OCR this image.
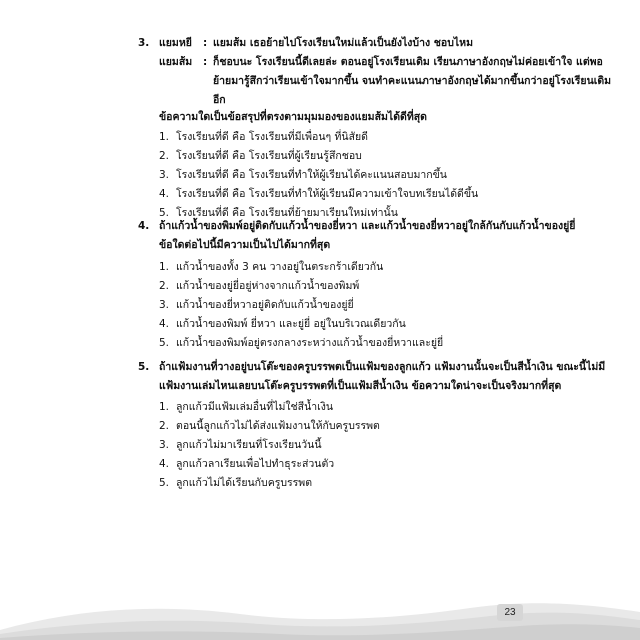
3. แยมหยี	: แยมส้ม เธอย้ายไปโรงเรียนใหม่แล้วเป็นยังไงบ้าง ชอบไหม
แยมส้ม	: ก็ชอบนะ โรงเรียนนี้ดีเลยล่ะ ตอนอยู่โรงเรียนเดิม เรียนภาษาอังกฤษไม่ค่อยเข้าใจ แต่พอ
ย้ายมารู้สึกว่าเรียนเข้าใจมากขึ้น จนทำคะแนนภาษาอังกฤษได้มากขึ้นกว่าอยู่โรงเรียนเดิม
อีก
ข้อความใดเป็นข้อสรุปที่ตรงตามมุมมองของแยมส้มได้ดีที่สุด
1. โรงเรียนที่ดี คือ โรงเรียนที่มีเพื่อนๆ ที่นิสัยดี
2. โรงเรียนที่ดี คือ โรงเรียนที่ผู้เรียนรู้สึกชอบ
3. โรงเรียนที่ดี คือ โรงเรียนที่ทำให้ผู้เรียนได้คะแนนสอบมากขึ้น
4. โรงเรียนที่ดี คือ โรงเรียนที่ทำให้ผู้เรียนมีความเข้าใจบทเรียนได้ดีขึ้น
5. โรงเรียนที่ดี คือ โรงเรียนที่ย้ายมาเรียนใหม่เท่านั้น
4. ถ้าแก้วน้ำของพิมพ์อยู่ติดกับแก้วน้ำของยี่หวา และแก้วน้ำของยี่หวาอยู่ใกล้กันกับแก้วน้ำของยู่ยี่
ข้อใดต่อไปนี้มีความเป็นไปได้มากที่สุด
1. แก้วน้ำของทั้ง 3 คน วางอยู่ในตระกร้าเดียวกัน
2. แก้วน้ำของยู่ยี่อยู่ห่างจากแก้วน้ำของพิมพ์
3. แก้วน้ำของยี่หวาอยู่ติดกับแก้วน้ำของยู่ยี่
4. แก้วน้ำของพิมพ์ ยี่หวา และยู่ยี่ อยู่ในบริเวณเดียวกัน
5. แก้วน้ำของพิมพ์อยู่ตรงกลางระหว่างแก้วน้ำของยี่หวาและยู่ยี่
5. ถ้าแฟ้มงานที่วางอยู่บนโต๊ะของครูบรรพตเป็นแฟ้มของลูกแก้ว แฟ้มงานนั้นจะเป็นสีน้ำเงิน ขณะนี้ไม่มี
แฟ้มงานเล่มไหนเลยบนโต๊ะครูบรรพตที่เป็นแฟ้มสีน้ำเงิน ข้อความใดน่าจะเป็นจริงมากที่สุด
1. ลูกแก้วมีแฟ้มเล่มอื่นที่ไม่ใช่สีน้ำเงิน
2. ตอนนี้ลูกแก้วไม่ได้ส่งแฟ้มงานให้กับครูบรรพต
3. ลูกแก้วไม่มาเรียนที่โรงเรียนวันนี้
4. ลูกแก้วลาเรียนเพื่อไปทำธุระส่วนตัว
5. ลูกแก้วไม่ได้เรียนกับครูบรรพต
23
